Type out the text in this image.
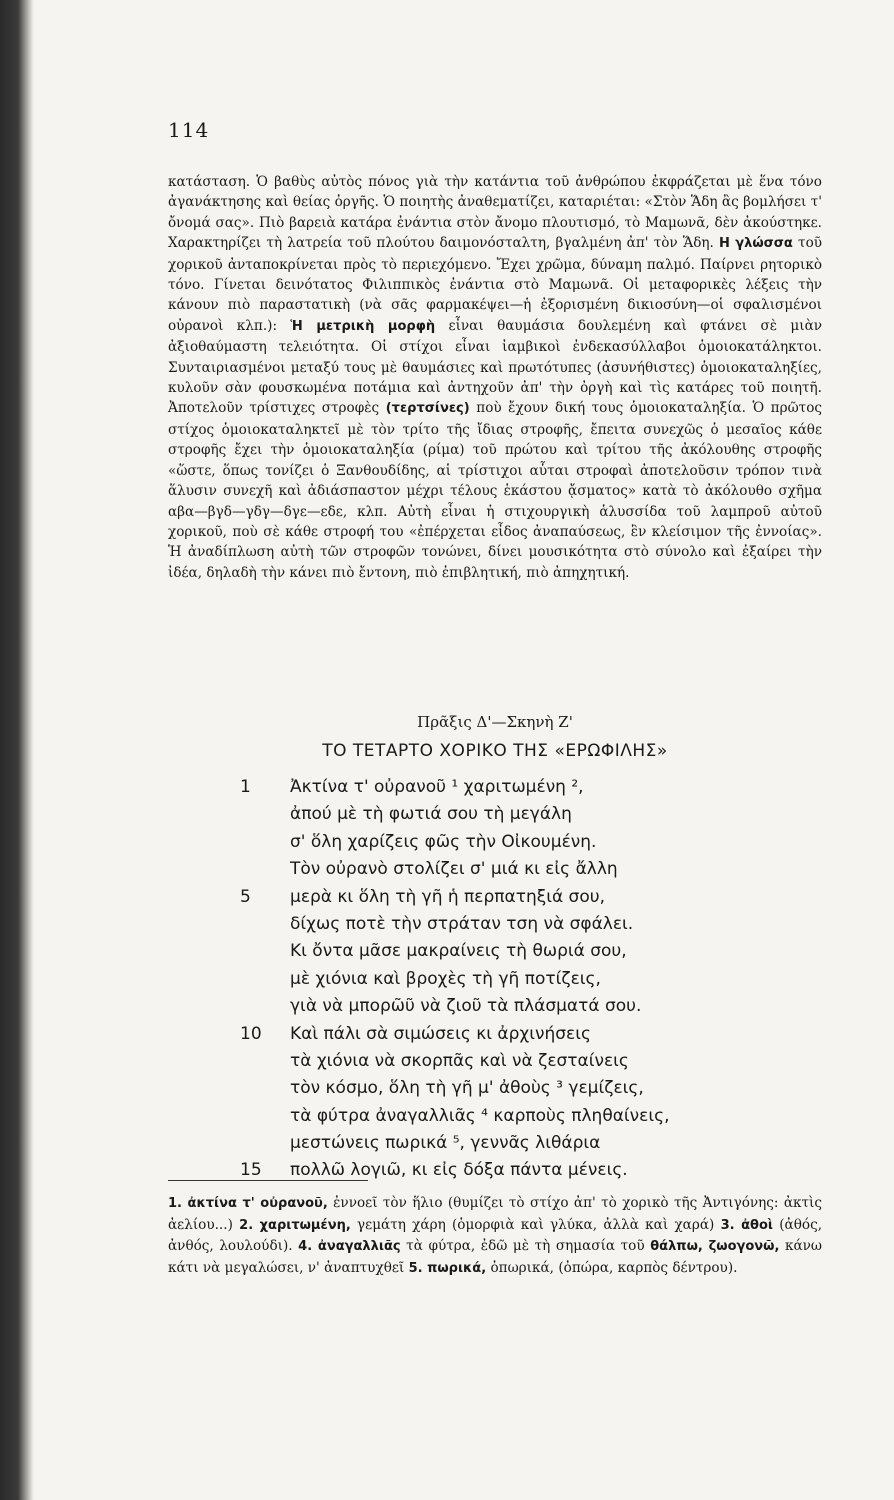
114

κατάσταση. Ὁ βαθὺς αὐτὸς πόνος γιὰ τὴν κατάντια τοῦ ἀνθρώπου ἐκφράζεται μὲ ἕνα τόνο ἀγανάκτησης καὶ θείας ὀργῆς. Ὁ ποιητὴς ἀναθεματίζει, καταριέται: «Στὸν Ἅδη ἂς βομλήσει τ' ὄνομά σας». Πιὸ βαρειὰ κατάρα ἐνάντια στὸν ἄνομο πλουτισμό, τὸ Μαμωνᾶ, δὲν ἀκούστηκε. Χαρακτηρίζει τὴ λατρεία τοῦ πλούτου δαιμονόσταλτη, βγαλμένη ἀπ' τὸν Ἅδη. Η γλώσσα τοῦ χορικοῦ ἀνταποκρίνεται πρὸς τὸ περιεχόμενο. Ἔχει χρῶμα, δύναμη παλμό. Παίρνει ρητορικὸ τόνο. Γίνεται δεινότατος Φιλιππικὸς ἐνάντια στὸ Μαμωνᾶ. Οἱ μεταφορικὲς λέξεις τὴν κάνουν πιὸ παραστατικὴ (νὰ σᾶς φαρμακέψει—ἡ ἐξορισμένη δικιοσύνη—οἱ σφαλισμένοι οὐρανοὶ κλπ.): Ἡ μετρικὴ μορφὴ εἶναι θαυμάσια δουλεμένη καὶ φτάνει σὲ μιὰν ἀξιοθαύμαστη τελειότητα. Οἱ στίχοι εἶναι ἰαμβικοὶ ἐνδεκασύλλαβοι ὁμοιοκατάληκτοι. Συνταιριασμένοι μεταξύ τους μὲ θαυμάσιες καὶ πρωτότυπες (ἀσυνήθιστες) ὁμοιοκαταληξίες, κυλοῦν σὰν φουσκωμένα ποτάμια καὶ ἀντηχοῦν ἀπ' τὴν ὀργὴ καὶ τὶς κατάρες τοῦ ποιητῆ. Ἀποτελοῦν τρίστιχες στροφὲς (τερτσίνες) ποὺ ἔχουν δική τους ὁμοιοκαταληξία. Ὁ πρῶτος στίχος ὁμοιοκαταληκτεῖ μὲ τὸν τρίτο τῆς ἴδιας στροφῆς, ἔπειτα συνεχῶς ὁ μεσαῖος κάθε στροφῆς ἔχει τὴν ὁμοιοκαταληξία (ρίμα) τοῦ πρώτου καὶ τρίτου τῆς ἀκόλουθης στροφῆς «ὥστε, ὅπως τονίζει ὁ Ξανθουδίδης, αἱ τρίστιχοι αὗται στροφαὶ ἀποτελοῦσιν τρόπον τινὰ ἅλυσιν συνεχῆ καὶ ἀδιάσπαστον μέχρι τέλους ἑκάστου ᾄσματος» κατὰ τὸ ἀκόλουθο σχῆμα αβα—βγδ—γδγ—δγε—εδε, κλπ. Αὐτὴ εἶναι ἡ στιχουργικὴ ἁλυσσίδα τοῦ λαμπροῦ αὐτοῦ χορικοῦ, ποὺ σὲ κάθε στροφή του «ἐπέρχεται εἶδος ἀναπαύσεως, ἓν κλείσιμον τῆς ἐννοίας». Ἡ ἀναδίπλωση αὐτὴ τῶν στροφῶν τονώνει, δίνει μουσικότητα στὸ σύνολο καὶ ἐξαίρει τὴν ἰδέα, δηλαδὴ τὴν κάνει πιὸ ἔντονη, πιὸ ἐπιβλητική, πιὸ ἀπηχητική.

Πρᾶξις Δ'—Σκηνὴ Ζ'
ΤΟ ΤΕΤΑΡΤΟ ΧΟΡΙΚΟ ΤΗΣ «ΕΡΩΦΙΛΗΣ»
1	Ἀκτίνα τ' οὐρανοῦ ¹ χαριτωμένη ²,
ἀπού μὲ τὴ φωτιά σου τὴ μεγάλη
σ' ὅλη χαρίζεις φῶς τὴν Οἰκουμένη.
Τὸν οὐρανὸ στολίζει σ' μιά κι εἰς ἄλλη
5	μερὰ κι ὅλη τὴ γῆ ἡ περπατηξιά σου,
δίχως ποτὲ τὴν στράταν τση νὰ σφάλει.
Κι ὄντα μᾶσε μακραίνεις τὴ θωριά σου,
μὲ χιόνια καὶ βροχὲς τὴ γῆ ποτίζεις,
γιὰ νὰ μπορῶῦ νὰ ζιοῦ τὰ πλάσματά σου.
10	Καὶ πάλι σὰ σιμώσεις κι ἀρχινήσεις
τὰ χιόνια νὰ σκορπᾶς καὶ νὰ ζεσταίνεις
τὸν κόσμο, ὅλη τὴ γῆ μ' ἀθοὺς ³ γεμίζεις,
τὰ φύτρα ἀναγαλλιᾶς ⁴ καρποὺς πληθαίνεις,
μεστώνεις πωρικά ⁵, γεννᾶς λιθάρια
15	πολλῶ λογιῶ, κι εἰς δόξα πάντα μένεις.
1. ἀκτίνα τ' οὐρανοῦ, ἐννοεῖ τὸν ἥλιο (θυμίζει τὸ στίχο ἀπ' τὸ χορικὸ τῆς Ἀντιγόνης: ἀκτὶς ἀελίου...) 2. χαριτωμένη, γεμάτη χάρη (ὁμορφιὰ καὶ γλύκα, ἀλλὰ καὶ χαρά) 3. ἀθοὶ (ἀθός, ἀνθός, λουλούδι). 4. ἀναγαλλιᾶς τὰ φύτρα, ἐδῶ μὲ τὴ σημασία τοῦ θάλπω, ζωογονῶ, κάνω κάτι νὰ μεγαλώσει, ν' ἀναπτυχθεῖ 5. πωρικά, ὀπωρικά, (ὀπώρα, καρπὸς δέντρου).
